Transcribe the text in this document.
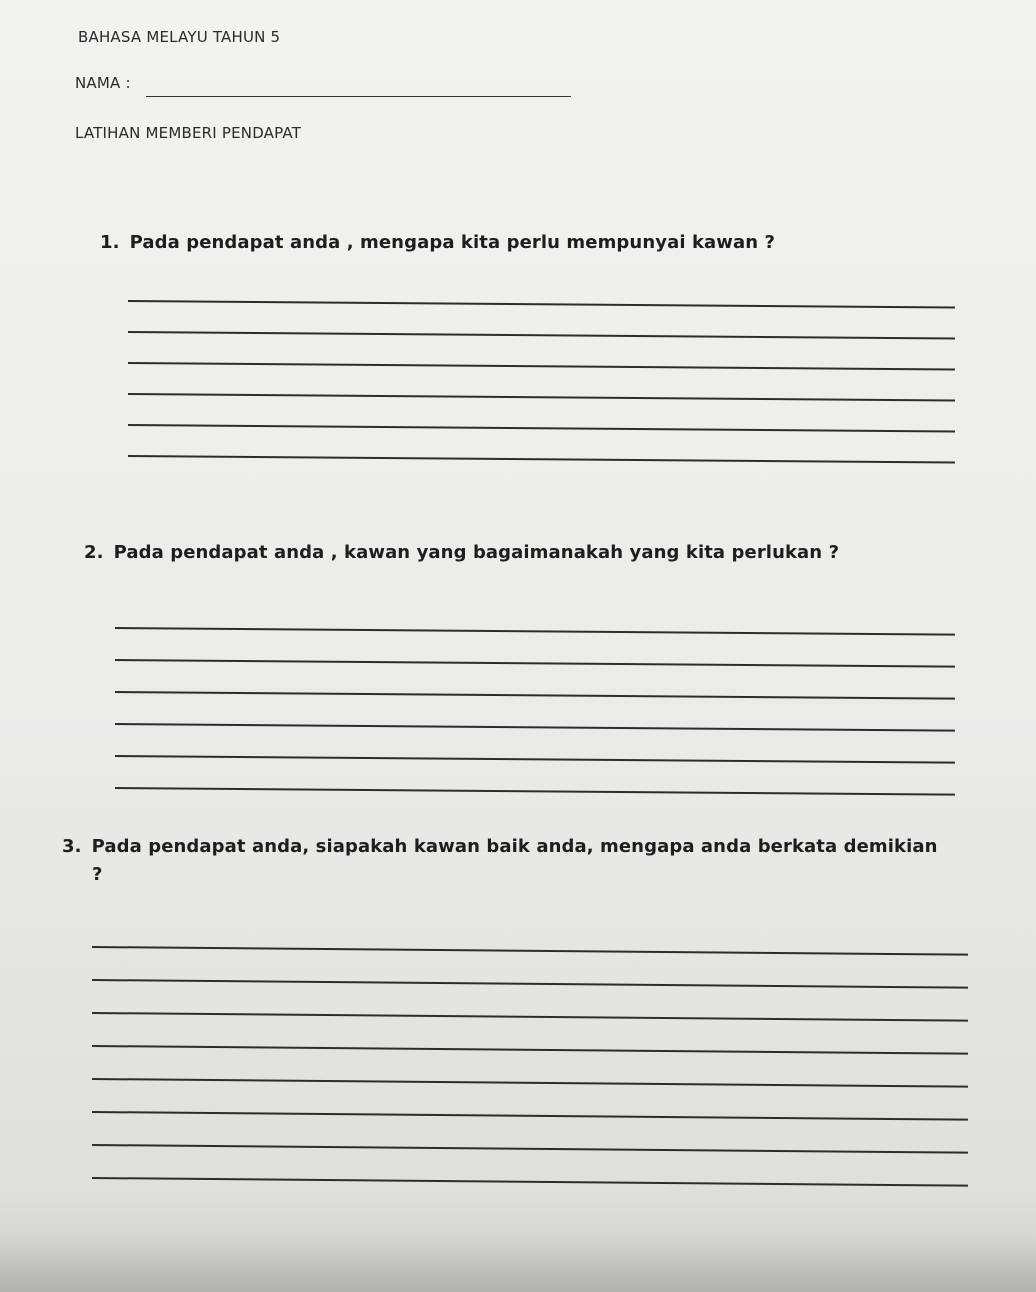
BAHASA MELAYU TAHUN 5
NAMA :
LATIHAN MEMBERI PENDAPAT
1. Pada pendapat anda , mengapa kita perlu mempunyai kawan ?
2. Pada pendapat anda , kawan yang bagaimanakah yang kita perlukan ?
3. Pada pendapat anda, siapakah kawan baik anda, mengapa anda berkata demikian
?
